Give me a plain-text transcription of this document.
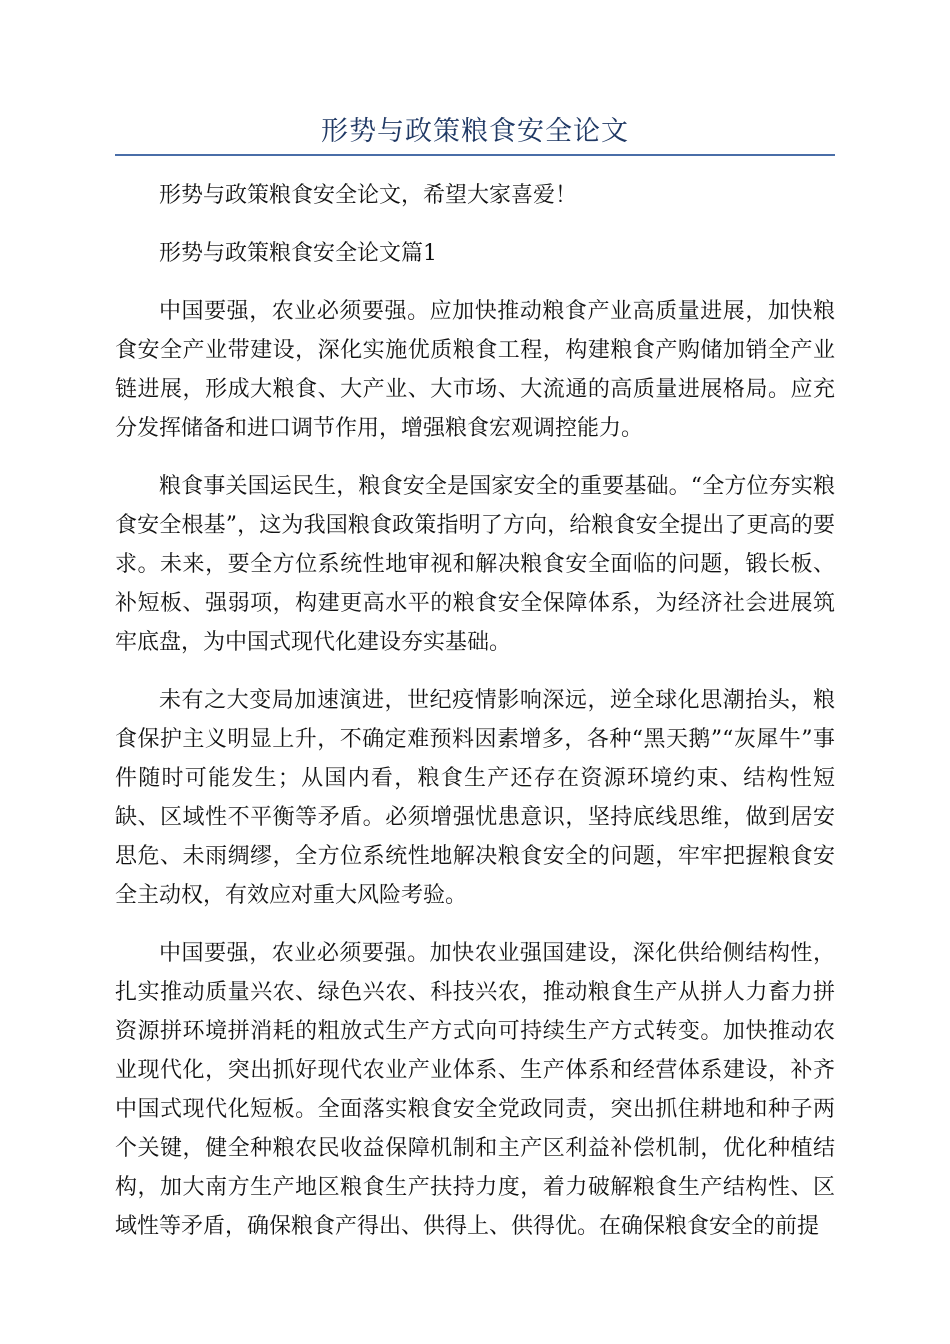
形势与政策粮食安全论文

形势与政策粮食安全论文，希望大家喜爱！

形势与政策粮食安全论文篇1

中国要强，农业必须要强。应加快推动粮食产业高质量进展，加快粮食安全产业带建设，深化实施优质粮食工程，构建粮食产购储加销全产业链进展，形成大粮食、大产业、大市场、大流通的高质量进展格局。应充分发挥储备和进口调节作用，增强粮食宏观调控能力。

粮食事关国运民生，粮食安全是国家安全的重要基础。“全方位夯实粮食安全根基”，这为我国粮食政策指明了方向，给粮食安全提出了更高的要求。未来，要全方位系统性地审视和解决粮食安全面临的问题，锻长板、补短板、强弱项，构建更高水平的粮食安全保障体系，为经济社会进展筑牢底盘，为中国式现代化建设夯实基础。

未有之大变局加速演进，世纪疫情影响深远，逆全球化思潮抬头，粮食保护主义明显上升，不确定难预料因素增多，各种“黑天鹅”“灰犀牛”事件随时可能发生；从国内看，粮食生产还存在资源环境约束、结构性短缺、区域性不平衡等矛盾。必须增强忧患意识，坚持底线思维，做到居安思危、未雨绸缪，全方位系统性地解决粮食安全的问题，牢牢把握粮食安全主动权，有效应对重大风险考验。

中国要强，农业必须要强。加快农业强国建设，深化供给侧结构性，扎实推动质量兴农、绿色兴农、科技兴农，推动粮食生产从拼人力畜力拼资源拼环境拼消耗的粗放式生产方式向可持续生产方式转变。加快推动农业现代化，突出抓好现代农业产业体系、生产体系和经营体系建设，补齐中国式现代化短板。全面落实粮食安全党政同责，突出抓住耕地和种子两个关键，健全种粮农民收益保障机制和主产区利益补偿机制，优化种植结构，加大南方生产地区粮食生产扶持力度，着力破解粮食生产结构性、区域性等矛盾，确保粮食产得出、供得上、供得优。在确保粮食安全的前提
